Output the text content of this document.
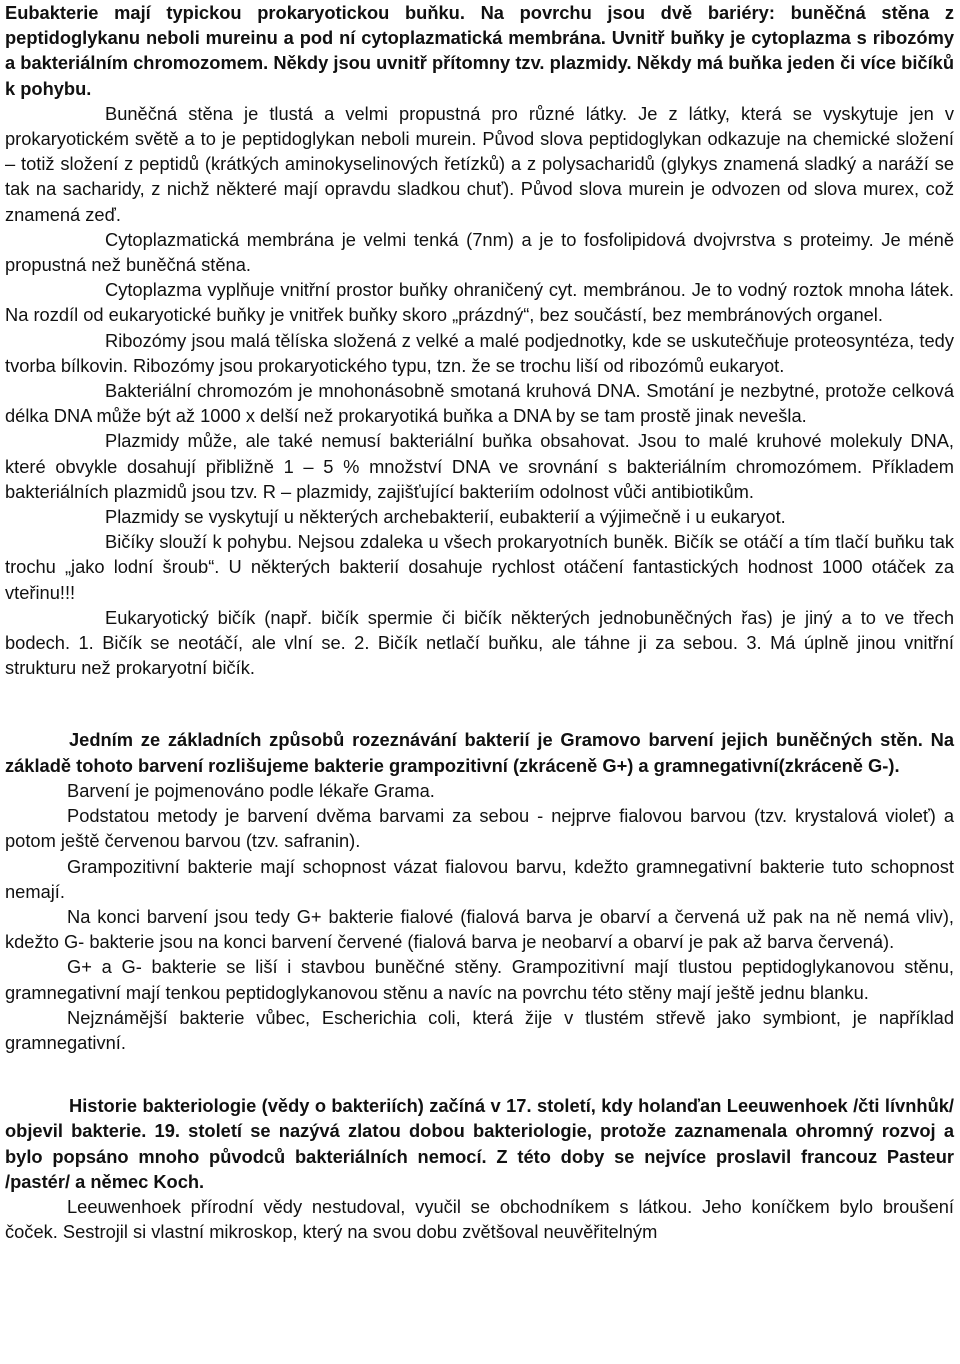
Eubakterie mají typickou prokaryotickou buňku. Na povrchu jsou dvě bariéry: buněčná stěna z peptidoglykanu neboli mureinu a pod ní cytoplazmatická membrána. Uvnitř buňky je cytoplazma s ribozómy a bakteriálním chromozomem. Někdy jsou uvnitř přítomny tzv. plazmidy. Někdy má buňka jeden či více bičíků k pohybu.

Buněčná stěna je tlustá a velmi propustná pro různé látky. Je z látky, která se vyskytuje jen v prokaryotickém světě a to je peptidoglykan neboli murein. Původ slova peptidoglykan odkazuje na chemické složení – totiž složení z peptidů (krátkých aminokyselinových řetízků) a z polysacharidů (glykys znamená sladký a naráží se tak na sacharidy, z nichž některé mají opravdu sladkou chuť). Původ slova murein je odvozen od slova murex, což znamená zeď.

Cytoplazmatická membrána je velmi tenká (7nm) a je to fosfolipidová dvojvrstva s proteimy. Je méně propustná než buněčná stěna.

Cytoplazma vyplňuje vnitřní prostor buňky ohraničený cyt. membránou. Je to vodný roztok mnoha látek. Na rozdíl od eukaryotické buňky je vnitřek buňky skoro „prázdný“, bez součástí, bez membránových organel.

Ribozómy jsou malá tělíska složená z velké a malé podjednotky, kde se uskutečňuje proteosyntéza, tedy tvorba bílkovin. Ribozómy jsou prokaryotického typu, tzn. že se trochu liší od ribozómů eukaryot.

Bakteriální chromozóm je mnohonásobně smotaná kruhová DNA. Smotání je nezbytné, protože celková délka DNA může být až 1000 x delší než prokaryotiká buňka a DNA by se tam prostě jinak nevešla.

Plazmidy může, ale také nemusí bakteriální buňka obsahovat. Jsou to malé kruhové molekuly DNA, které obvykle dosahují přibližně 1 – 5 % množství DNA ve srovnání s bakteriálním chromozómem. Příkladem bakteriálních plazmidů jsou tzv. R – plazmidy, zajišťující bakteriím odolnost vůči antibiotikům.

Plazmidy se vyskytují u některých archebakterií, eubakterií a výjimečně i u eukaryot.

Bičíky slouží k pohybu. Nejsou zdaleka u všech prokaryotních buněk. Bičík se otáčí a tím tlačí buňku tak trochu „jako lodní šroub“. U některých bakterií dosahuje rychlost otáčení fantastických hodnost 1000 otáček za vteřinu!!!

Eukaryotický bičík (např. bičík spermie či bičík některých jednobuněčných řas) je jiný a to ve třech bodech. 1. Bičík se neotáčí, ale vlní se. 2. Bičík netlačí buňku, ale táhne ji za sebou. 3. Má úplně jinou vnitřní strukturu než prokaryotní bičík.

Jedním ze základních způsobů rozeznávání bakterií je Gramovo barvení jejich buněčných stěn. Na základě tohoto barvení rozlišujeme bakterie grampozitivní (zkráceně G+) a gramnegativní(zkráceně G-).

Barvení je pojmenováno podle lékaře Grama.

Podstatou metody je barvení dvěma barvami za sebou - nejprve fialovou barvou (tzv. krystalová violeť) a potom ještě červenou barvou (tzv. safranin).

Grampozitivní bakterie mají schopnost vázat fialovou barvu, kdežto gramnegativní bakterie tuto schopnost nemají.

Na konci barvení jsou tedy G+ bakterie fialové (fialová barva je obarví a červená už pak na ně nemá vliv), kdežto G- bakterie jsou na konci barvení červené (fialová barva je neobarví a obarví je pak až barva červená).

G+ a G- bakterie se liší i stavbou buněčné stěny. Grampozitivní mají tlustou peptidoglykanovou stěnu, gramnegativní mají tenkou peptidoglykanovou stěnu a navíc na povrchu této stěny mají ještě jednu blanku.

Nejznámější bakterie vůbec, Escherichia coli, která žije v tlustém střevě jako symbiont, je například gramnegativní.

Historie bakteriologie (vědy o bakteriích) začíná v 17. století, kdy holanďan Leeuwenhoek /čti lívnhůk/ objevil bakterie. 19. století se nazývá zlatou dobou bakteriologie, protože zaznamenala ohromný rozvoj a bylo popsáno mnoho původců bakteriálních nemocí. Z této doby se nejvíce proslavil francouz Pasteur /pastér/ a němec Koch.

Leeuwenhoek přírodní vědy nestudoval, vyučil se obchodníkem s látkou. Jeho koníčkem bylo broušení čoček. Sestrojil si vlastní mikroskop, který na svou dobu zvětšoval neuvěřitelným
